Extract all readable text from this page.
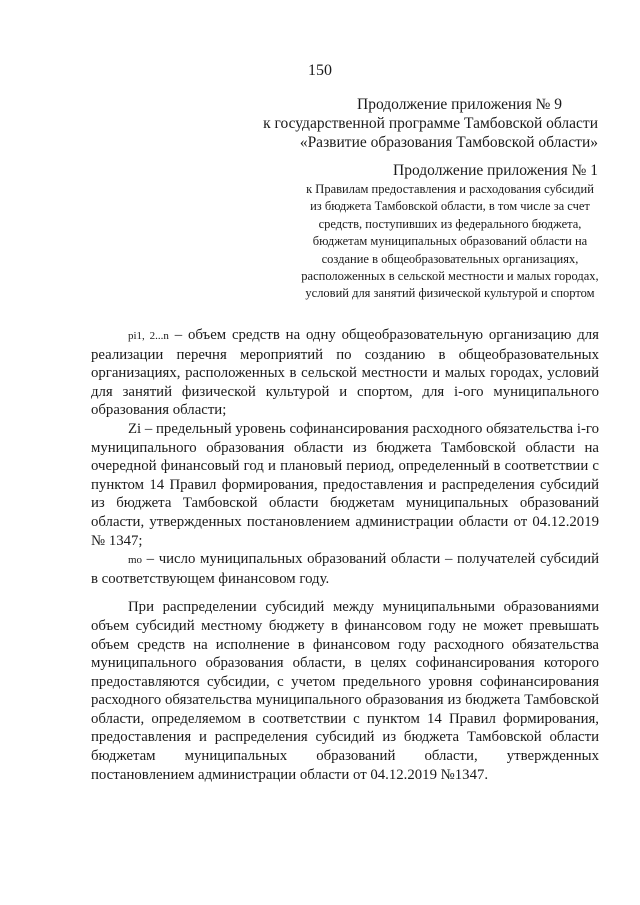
150
Продолжение приложения № 9
к государственной программе Тамбовской области
«Развитие образования Тамбовской области»
Продолжение приложения № 1
к Правилам предоставления и расходования субсидий из бюджета Тамбовской области, в том числе за счет средств, поступивших из федерального бюджета, бюджетам муниципальных образований области на создание в общеобразовательных организациях, расположенных в сельской местности и малых городах, условий для занятий физической культурой и спортом

pi1, 2...n – объем средств на одну общеобразовательную организацию для реализации перечня мероприятий по созданию в общеобразовательных организациях, расположенных в сельской местности и малых городах, условий для занятий физической культурой и спортом, для i-ого муниципального образования области;

Zi – предельный уровень софинансирования расходного обязательства i-го муниципального образования области из бюджета Тамбовской области на очередной финансовый год и плановый период, определенный в соответствии с пунктом 14 Правил формирования, предоставления и распределения субсидий из бюджета Тамбовской области бюджетам муниципальных образований области, утвержденных постановлением администрации области от 04.12.2019 № 1347;

mo – число муниципальных образований области – получателей субсидий в соответствующем финансовом году.

При распределении субсидий между муниципальными образованиями объем субсидий местному бюджету в финансовом году не может превышать объем средств на исполнение в финансовом году расходного обязательства муниципального образования области, в целях софинансирования которого предоставляются субсидии, с учетом предельного уровня софинансирования расходного обязательства муниципального образования из бюджета Тамбовской области, определяемом в соответствии с пунктом 14 Правил формирования, предоставления и распределения субсидий из бюджета Тамбовской области бюджетам муниципальных образований области, утвержденных постановлением администрации области от 04.12.2019 №1347.
